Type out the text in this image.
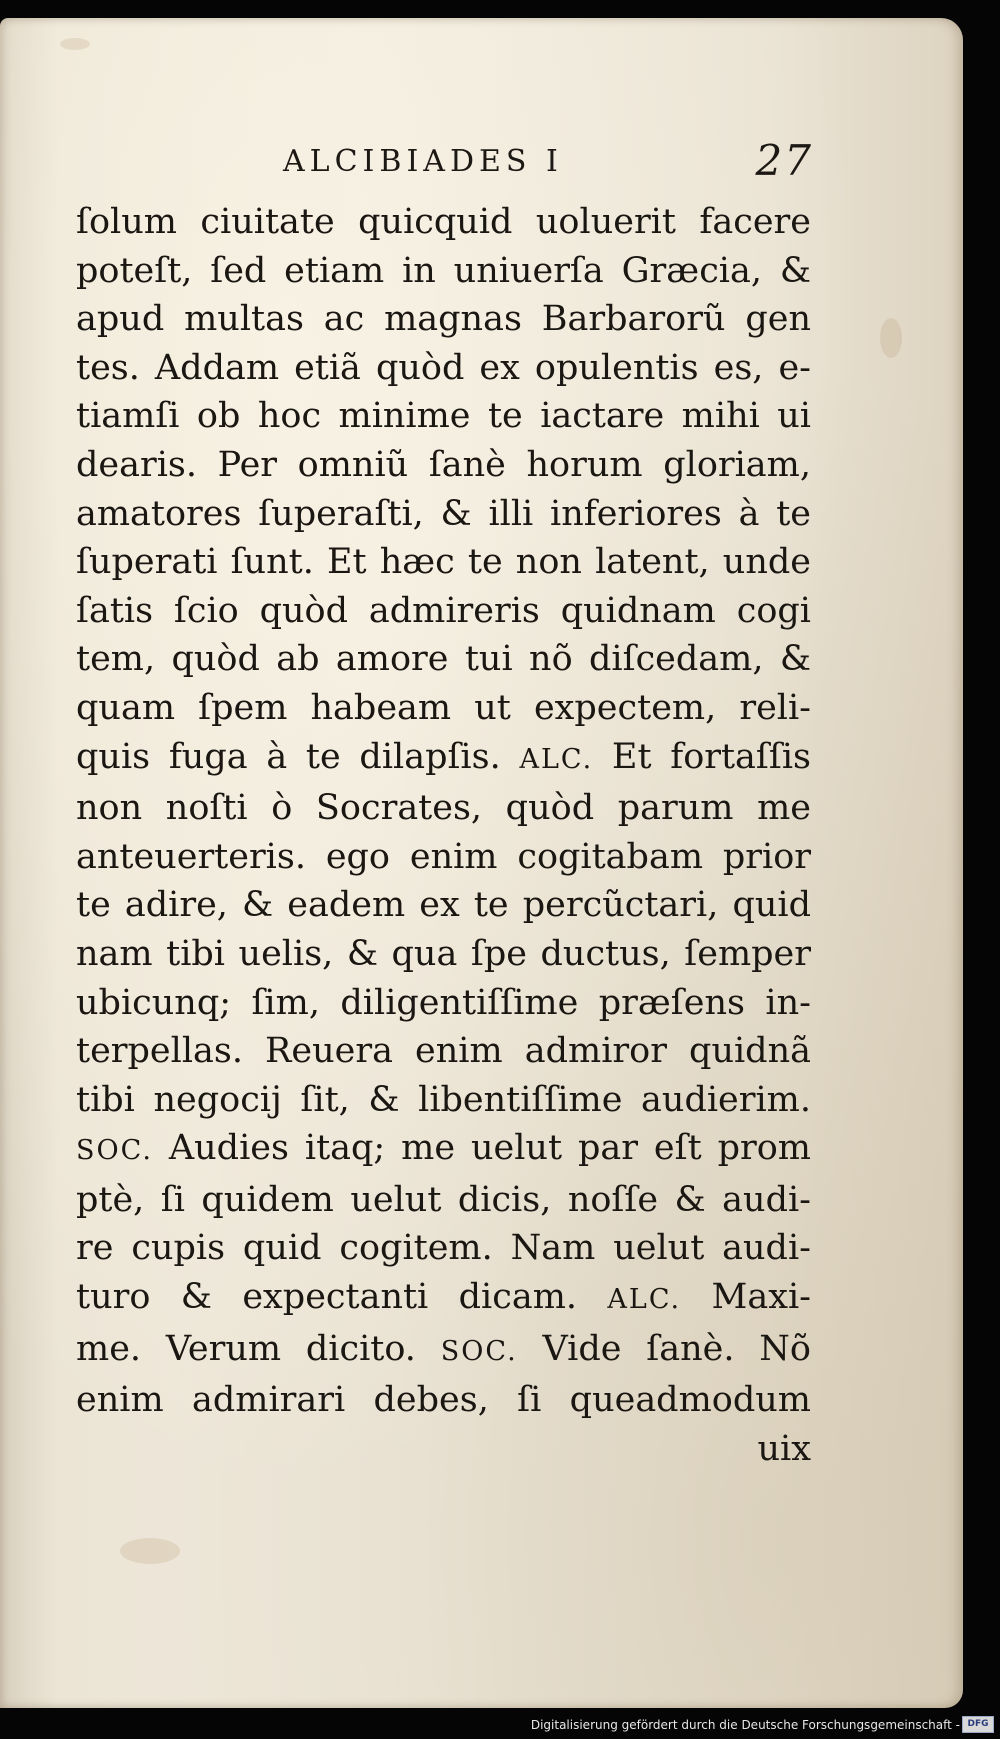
ALCIBIADES I	27
ſolum ciuitate quicquid uoluerit facere
poteſt, ſed etiam in uniuerſa Græcia, &
apud multas ac magnas Barbarorũ gen
tes. Addam etiã quòd ex opulentis es, e-
tiamſi ob hoc minime te iactare mihi ui
dearis. Per omniũ ſanè horum gloriam,
amatores ſuperaſti, & illi inferiores à te
ſuperati ſunt. Et hæc te non latent, unde
ſatis ſcio quòd admireris quidnam cogi
tem, quòd ab amore tui nõ diſcedam, &
quam ſpem habeam ut expectem, reli-
quis fuga à te dilapſis. ALC. Et fortaſſis
non noſti ò Socrates, quòd parum me
anteuerteris. ego enim cogitabam prior
te adire, & eadem ex te percũctari, quid
nam tibi uelis, & qua ſpe ductus, ſemper
ubicunq; ſim, diligentiſſime præſens in-
terpellas. Reuera enim admiror quidnã
tibi negocij ſit, & libentiſſime audierim.
SOC. Audies itaq; me uelut par eſt prom
ptè, ſi quidem uelut dicis, noſſe & audi-
re cupis quid cogitem. Nam uelut audi-
turo & expectanti dicam. ALC. Maxi-
me. Verum dicito. SOC. Vide ſanè. Nõ
enim admirari debes, ſi queadmodum
uix
Digitalisierung gefördert durch die Deutsche Forschungsgemeinschaft - DFG
